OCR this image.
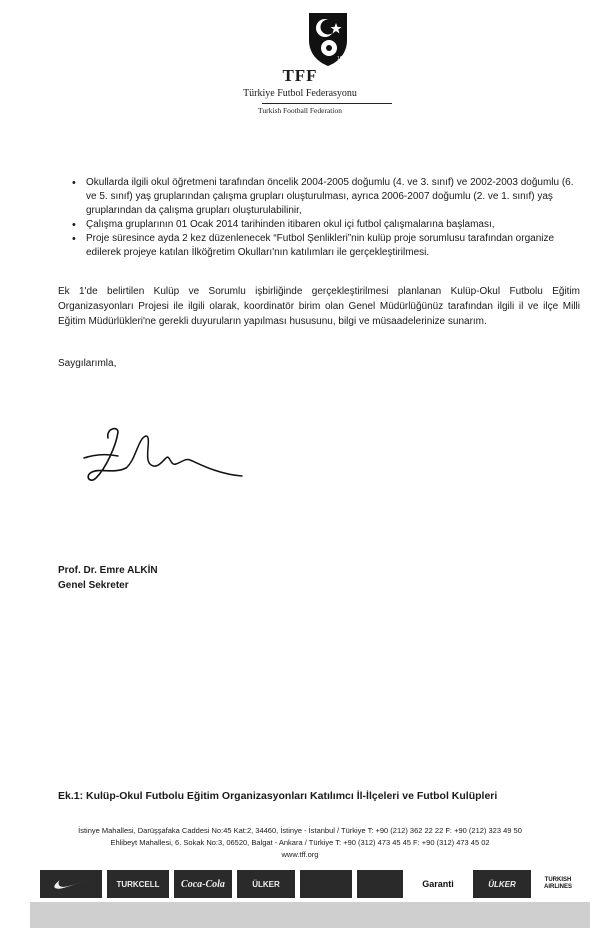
1923
TFF
Türkiye Futbol Federasyonu
Turkish Football Federation
• Okullarda ilgili okul öğretmeni tarafından öncelik 2004-2005 doğumlu (4. ve 3. sınıf) ve 2002-2003 doğumlu (6. ve 5. sınıf) yaş gruplarından çalışma grupları oluşturulması, ayrıca 2006-2007 doğumlu (2. ve 1. sınıf) yaş gruplarından da çalışma grupları oluşturulabilinir,
• Çalışma gruplarının 01 Ocak 2014 tarihinden itibaren okul içi futbol çalışmalarına başlaması,
• Proje süresince ayda 2 kez düzenlenecek “Futbol Şenlikleri”nin kulüp proje sorumlusu tarafından organize edilerek projeye katılan İlköğretim Okulları'nın katılımları ile gerçekleştirilmesi.
Ek 1'de belirtilen Kulüp ve Sorumlu işbirliğinde gerçekleştirilmesi planlanan Kulüp-Okul Futbolu Eğitim Organizasyonları Projesi ile ilgili olarak, koordinatör birim olan Genel Müdürlüğünüz tarafından ilgili il ve ilçe Milli Eğitim Müdürlükleri'ne gerekli duyuruların yapılması hususunu, bilgi ve müsaadelerinize sunarım.
Saygılarımla,
Prof. Dr. Emre ALKİN
Genel Sekreter
Ek.1: Kulüp-Okul Futbolu Eğitim Organizasyonları Katılımcı İl-İlçeleri ve Futbol Kulüpleri
İstinye Mahallesi, Darüşşafaka Caddesi No:45 Kat:2, 34460, İstinye - İstanbul / Türkiye T: +90 (212) 362 22 22 F: +90 (212) 323 49 50
Ehlibeyt Mahallesi, 6. Sokak No:3, 06520, Balgat - Ankara / Türkiye T: +90 (312) 473 45 45 F: +90 (312) 473 45 02
www.tff.org
TURKCELL	Coca-Cola	ÜLKER	Garanti	ÜLKER	TURKISH AIRLINES
